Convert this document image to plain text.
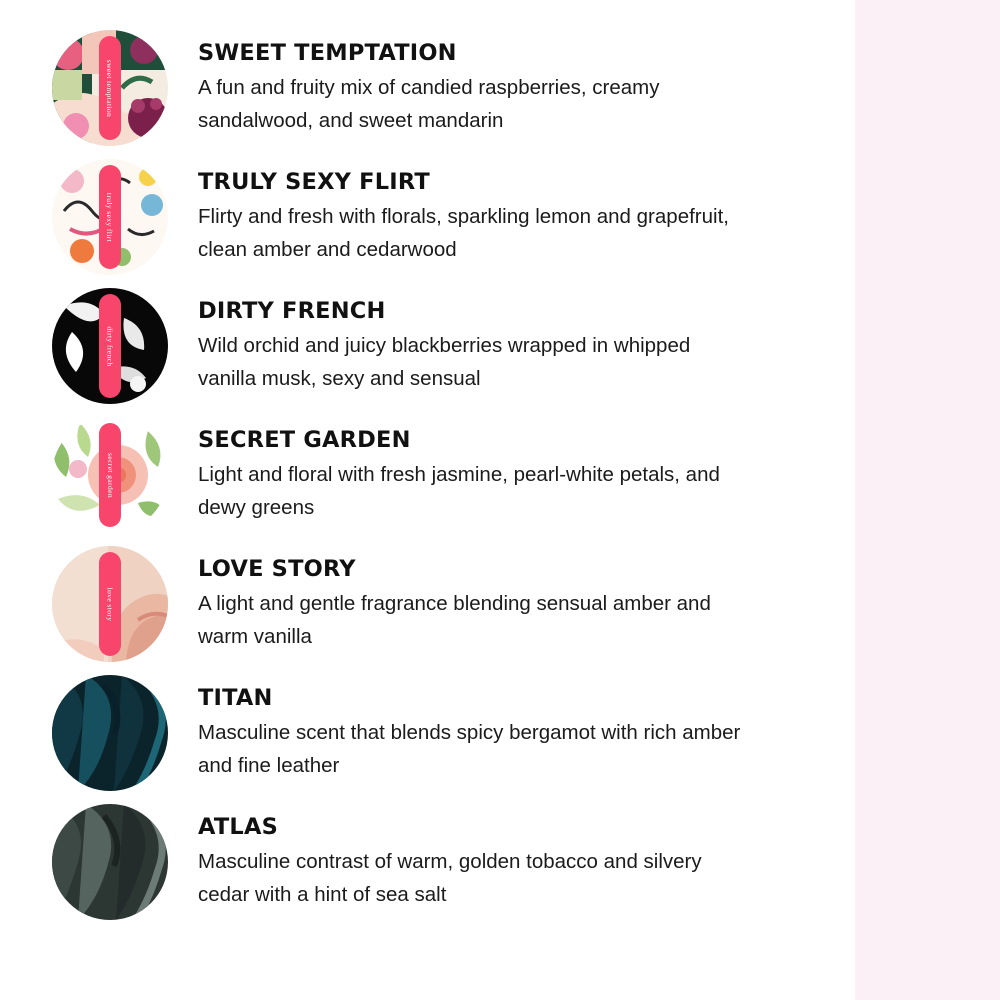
sweet temptation
SWEET TEMPTATION

A fun and fruity mix of candied raspberries, creamy sandalwood, and sweet mandarin

truly sexy flirt
TRULY SEXY FLIRT

Flirty and fresh with florals, sparkling lemon and grapefruit, clean amber and cedarwood

dirty french
DIRTY FRENCH

Wild orchid and juicy blackberries wrapped in whipped vanilla musk, sexy and sensual

secret garden
SECRET GARDEN

Light and floral with fresh jasmine, pearl-white petals, and dewy greens

love story
LOVE STORY

A light and gentle fragrance blending sensual amber and warm vanilla

TITAN

Masculine scent that blends spicy bergamot with rich amber and fine leather

ATLAS

Masculine contrast of warm, golden tobacco and silvery cedar with a hint of sea salt
